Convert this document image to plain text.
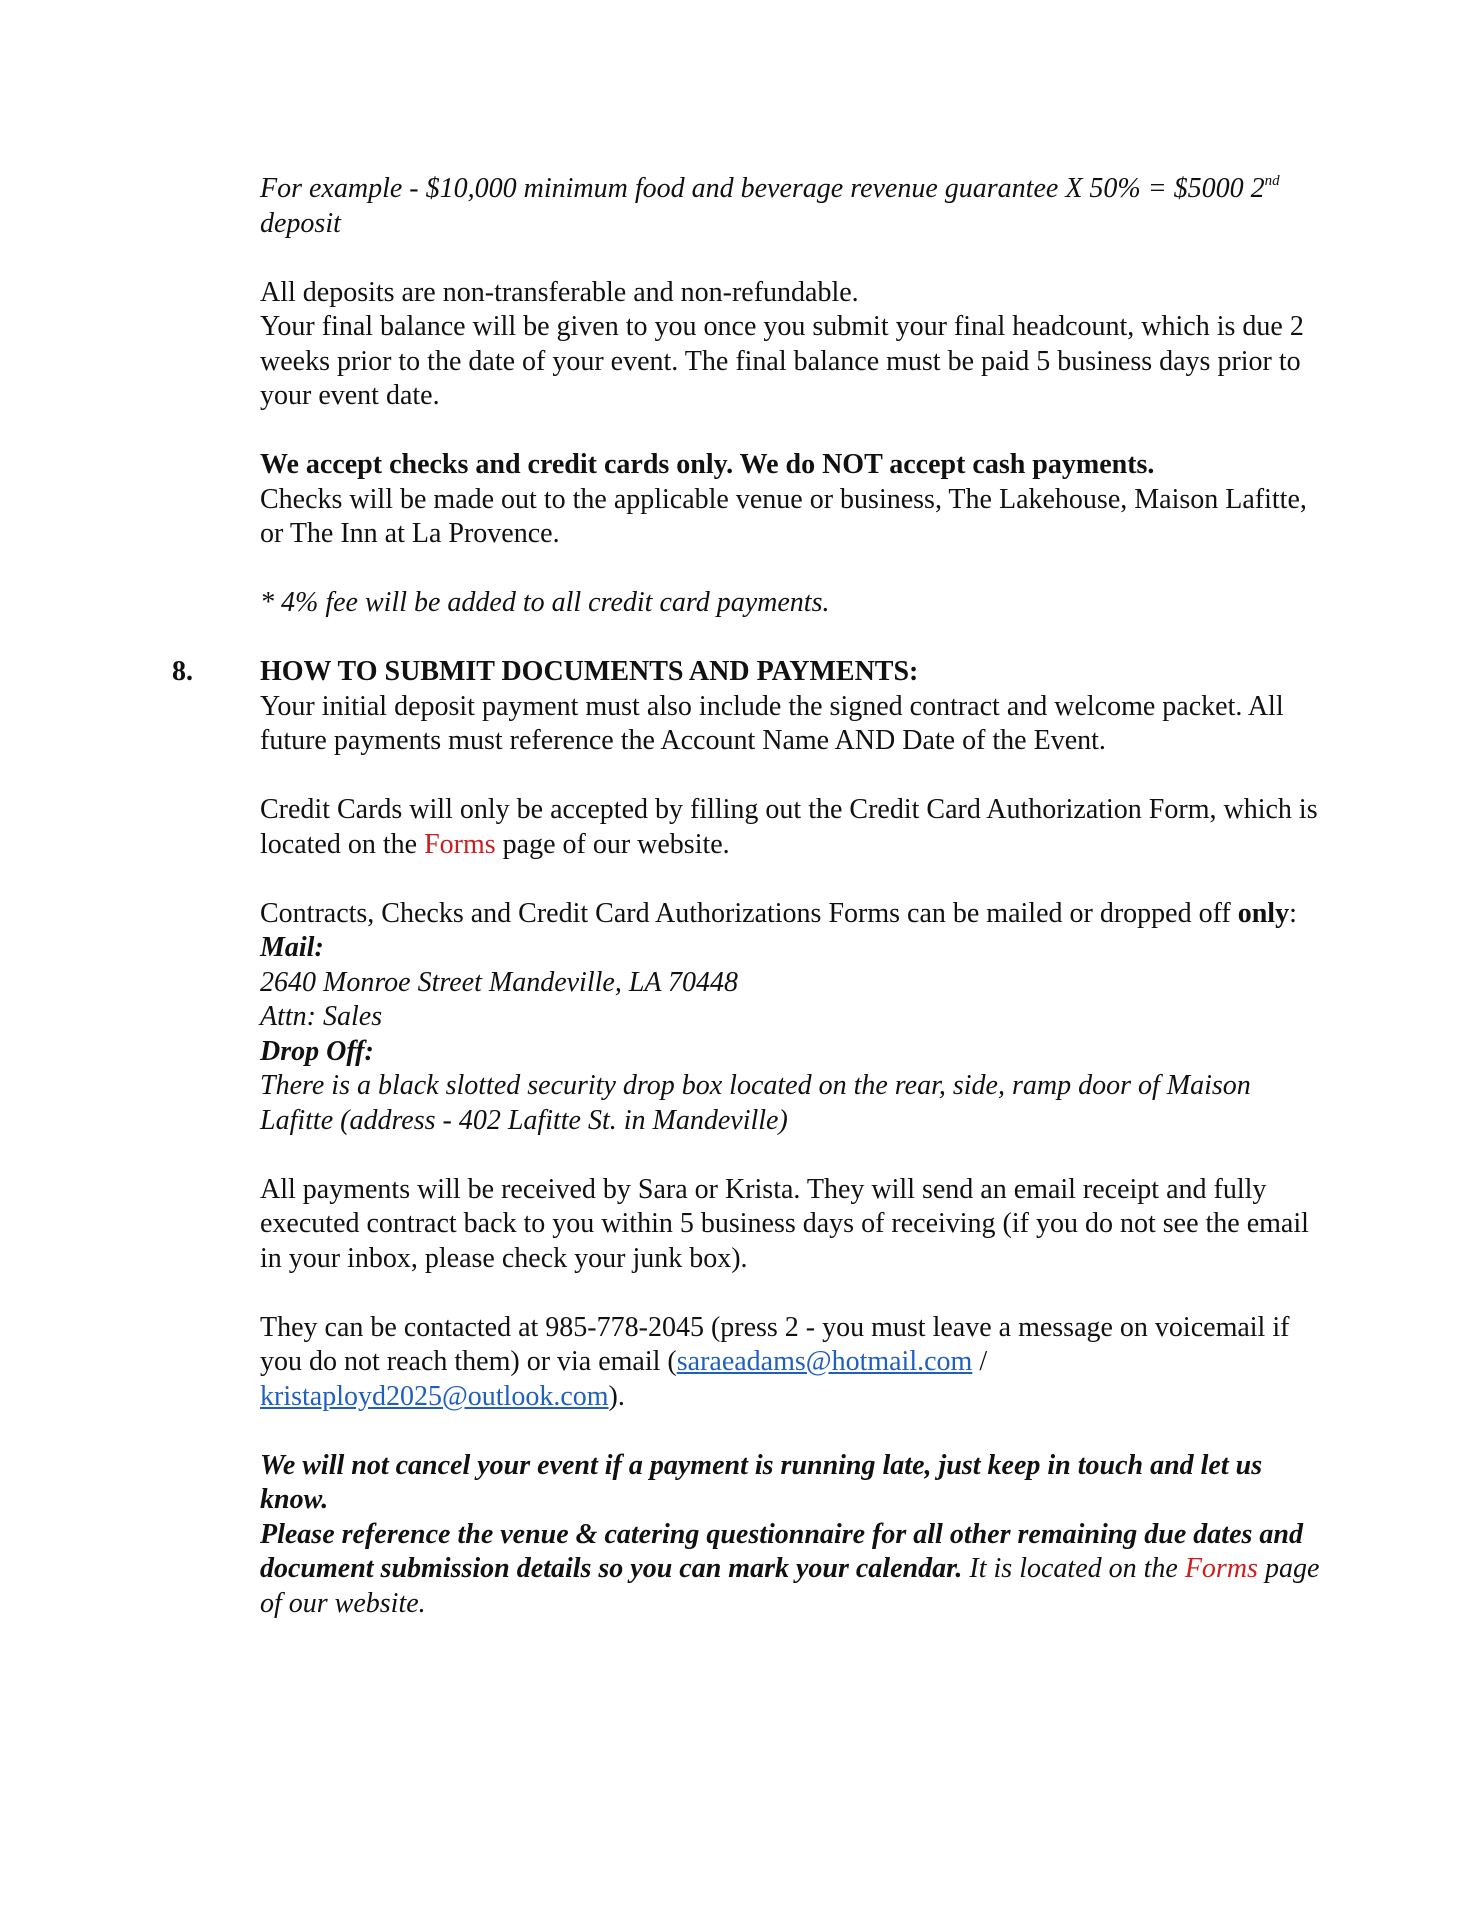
8.

For example - $10,000 minimum food and beverage revenue guarantee X 50% = $5000 2nd
deposit

All deposits are non-transferable and non-refundable.

Your final balance will be given to you once you submit your final headcount, which is due 2 weeks prior to the date of your event. The final balance must be paid 5 business days prior to your event date.

We accept checks and credit cards only. We do NOT accept cash payments.

Checks will be made out to the applicable venue or business, The Lakehouse, Maison Lafitte, or The Inn at La Provence.

* 4% fee will be added to all credit card payments.

HOW TO SUBMIT DOCUMENTS AND PAYMENTS:

Your initial deposit payment must also include the signed contract and welcome packet. All future payments must reference the Account Name AND Date of the Event.

Credit Cards will only be accepted by filling out the Credit Card Authorization Form, which is located on the Forms page of our website.

Contracts, Checks and Credit Card Authorizations Forms can be mailed or dropped off only:

Mail:

2640 Monroe Street Mandeville, LA 70448

Attn: Sales

Drop Off:

There is a black slotted security drop box located on the rear, side, ramp door of Maison Lafitte (address - 402 Lafitte St. in Mandeville)

All payments will be received by Sara or Krista. They will send an email receipt and fully executed contract back to you within 5 business days of receiving (if you do not see the email in your inbox, please check your junk box).

They can be contacted at 985-778-2045 (press 2 - you must leave a message on voicemail if you do not reach them) or via email (saraeadams@hotmail.com / kristaployd2025@outlook.com).

We will not cancel your event if a payment is running late, just keep in touch and let us know.

Please reference the venue & catering questionnaire for all other remaining due dates and document submission details so you can mark your calendar. It is located on the Forms page of our website.
